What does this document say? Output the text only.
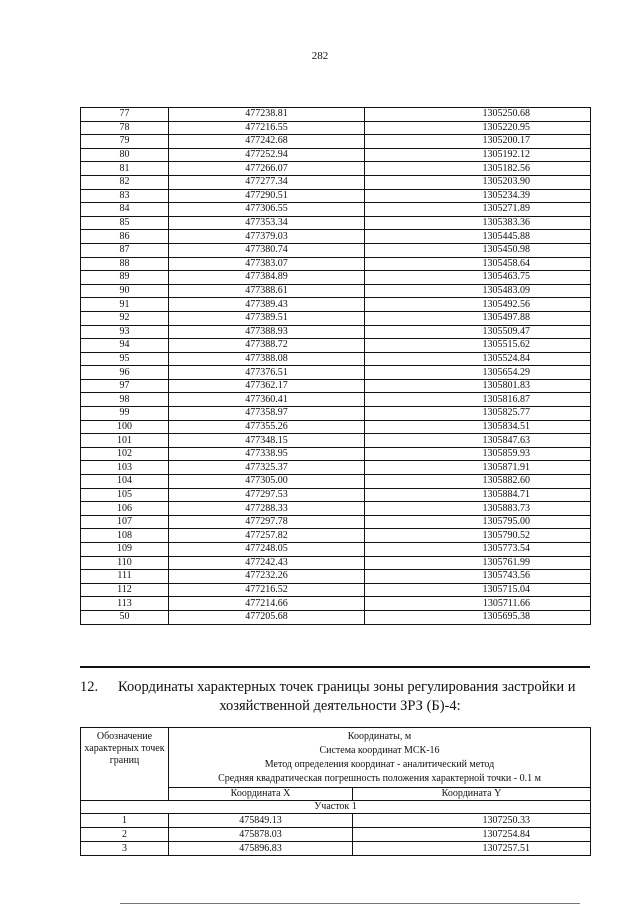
282
77	477238.81	1305250.68
78	477216.55	1305220.95
79	477242.68	1305200.17
80	477252.94	1305192.12
81	477266.07	1305182.56
82	477277.34	1305203.90
83	477290.51	1305234.39
84	477306.55	1305271.89
85	477353.34	1305383.36
86	477379.03	1305445.88
87	477380.74	1305450.98
88	477383.07	1305458.64
89	477384.89	1305463.75
90	477388.61	1305483.09
91	477389.43	1305492.56
92	477389.51	1305497.88
93	477388.93	1305509.47
94	477388.72	1305515.62
95	477388.08	1305524.84
96	477376.51	1305654.29
97	477362.17	1305801.83
98	477360.41	1305816.87
99	477358.97	1305825.77
100	477355.26	1305834.51
101	477348.15	1305847.63
102	477338.95	1305859.93
103	477325.37	1305871.91
104	477305.00	1305882.60
105	477297.53	1305884.71
106	477288.33	1305883.73
107	477297.78	1305795.00
108	477257.82	1305790.52
109	477248.05	1305773.54
110	477242.43	1305761.99
111	477232.26	1305743.56
112	477216.52	1305715.04
113	477214.66	1305711.66
50	477205.68	1305695.38
12. Координаты характерных точек границы зоны регулирования застройки и
хозяйственной деятельности ЗРЗ (Б)-4:
Обозначение характерных точек границ	Координаты, м
Система координат МСК-16
Метод определения координат - аналитический метод
Средняя квадратическая погрешность положения характерной точки - 0.1 м	

	Координата X	Координата Y
Участок 1		
1	475849.13	1307250.33
2	475878.03	1307254.84
3	475896.83	1307257.51
